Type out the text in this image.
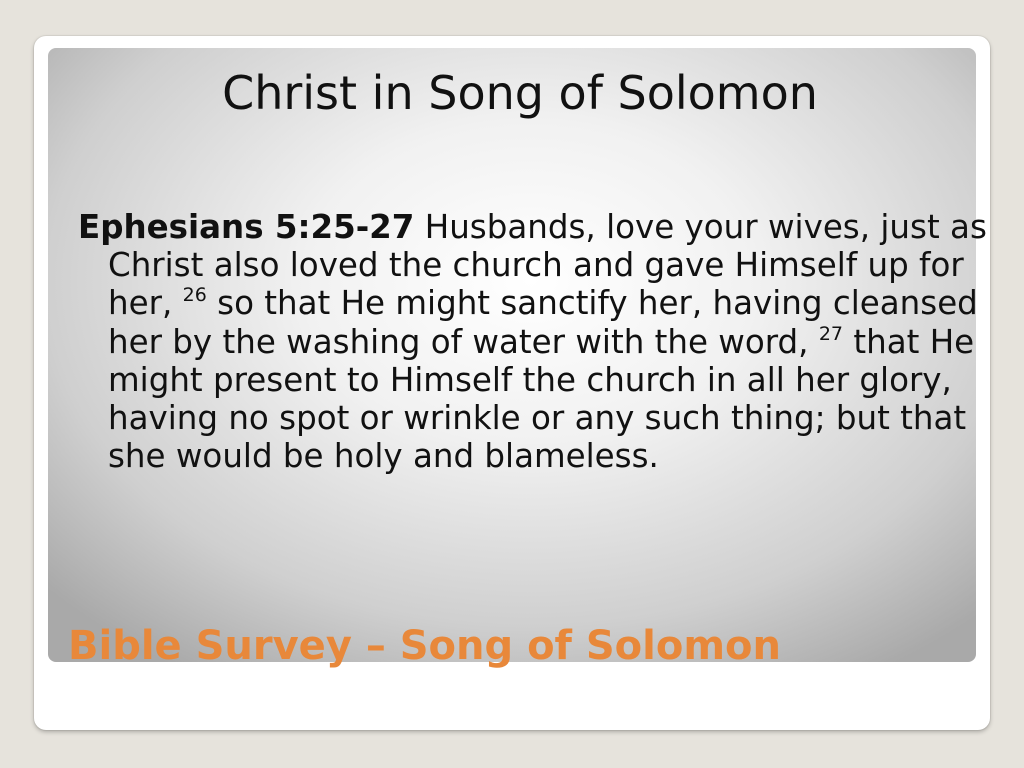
Christ in Song of Solomon

Ephesians 5:25-27 Husbands, love your wives, just as Christ also loved the church and gave Himself up for her, $^{26}$ so that He might sanctify her, having cleansed her by the washing of water with the word, $^{27}$ that He might present to Himself the church in all her glory, having no spot or wrinkle or any such thing; but that she would be holy and blameless.

Bible Survey – Song of Solomon
